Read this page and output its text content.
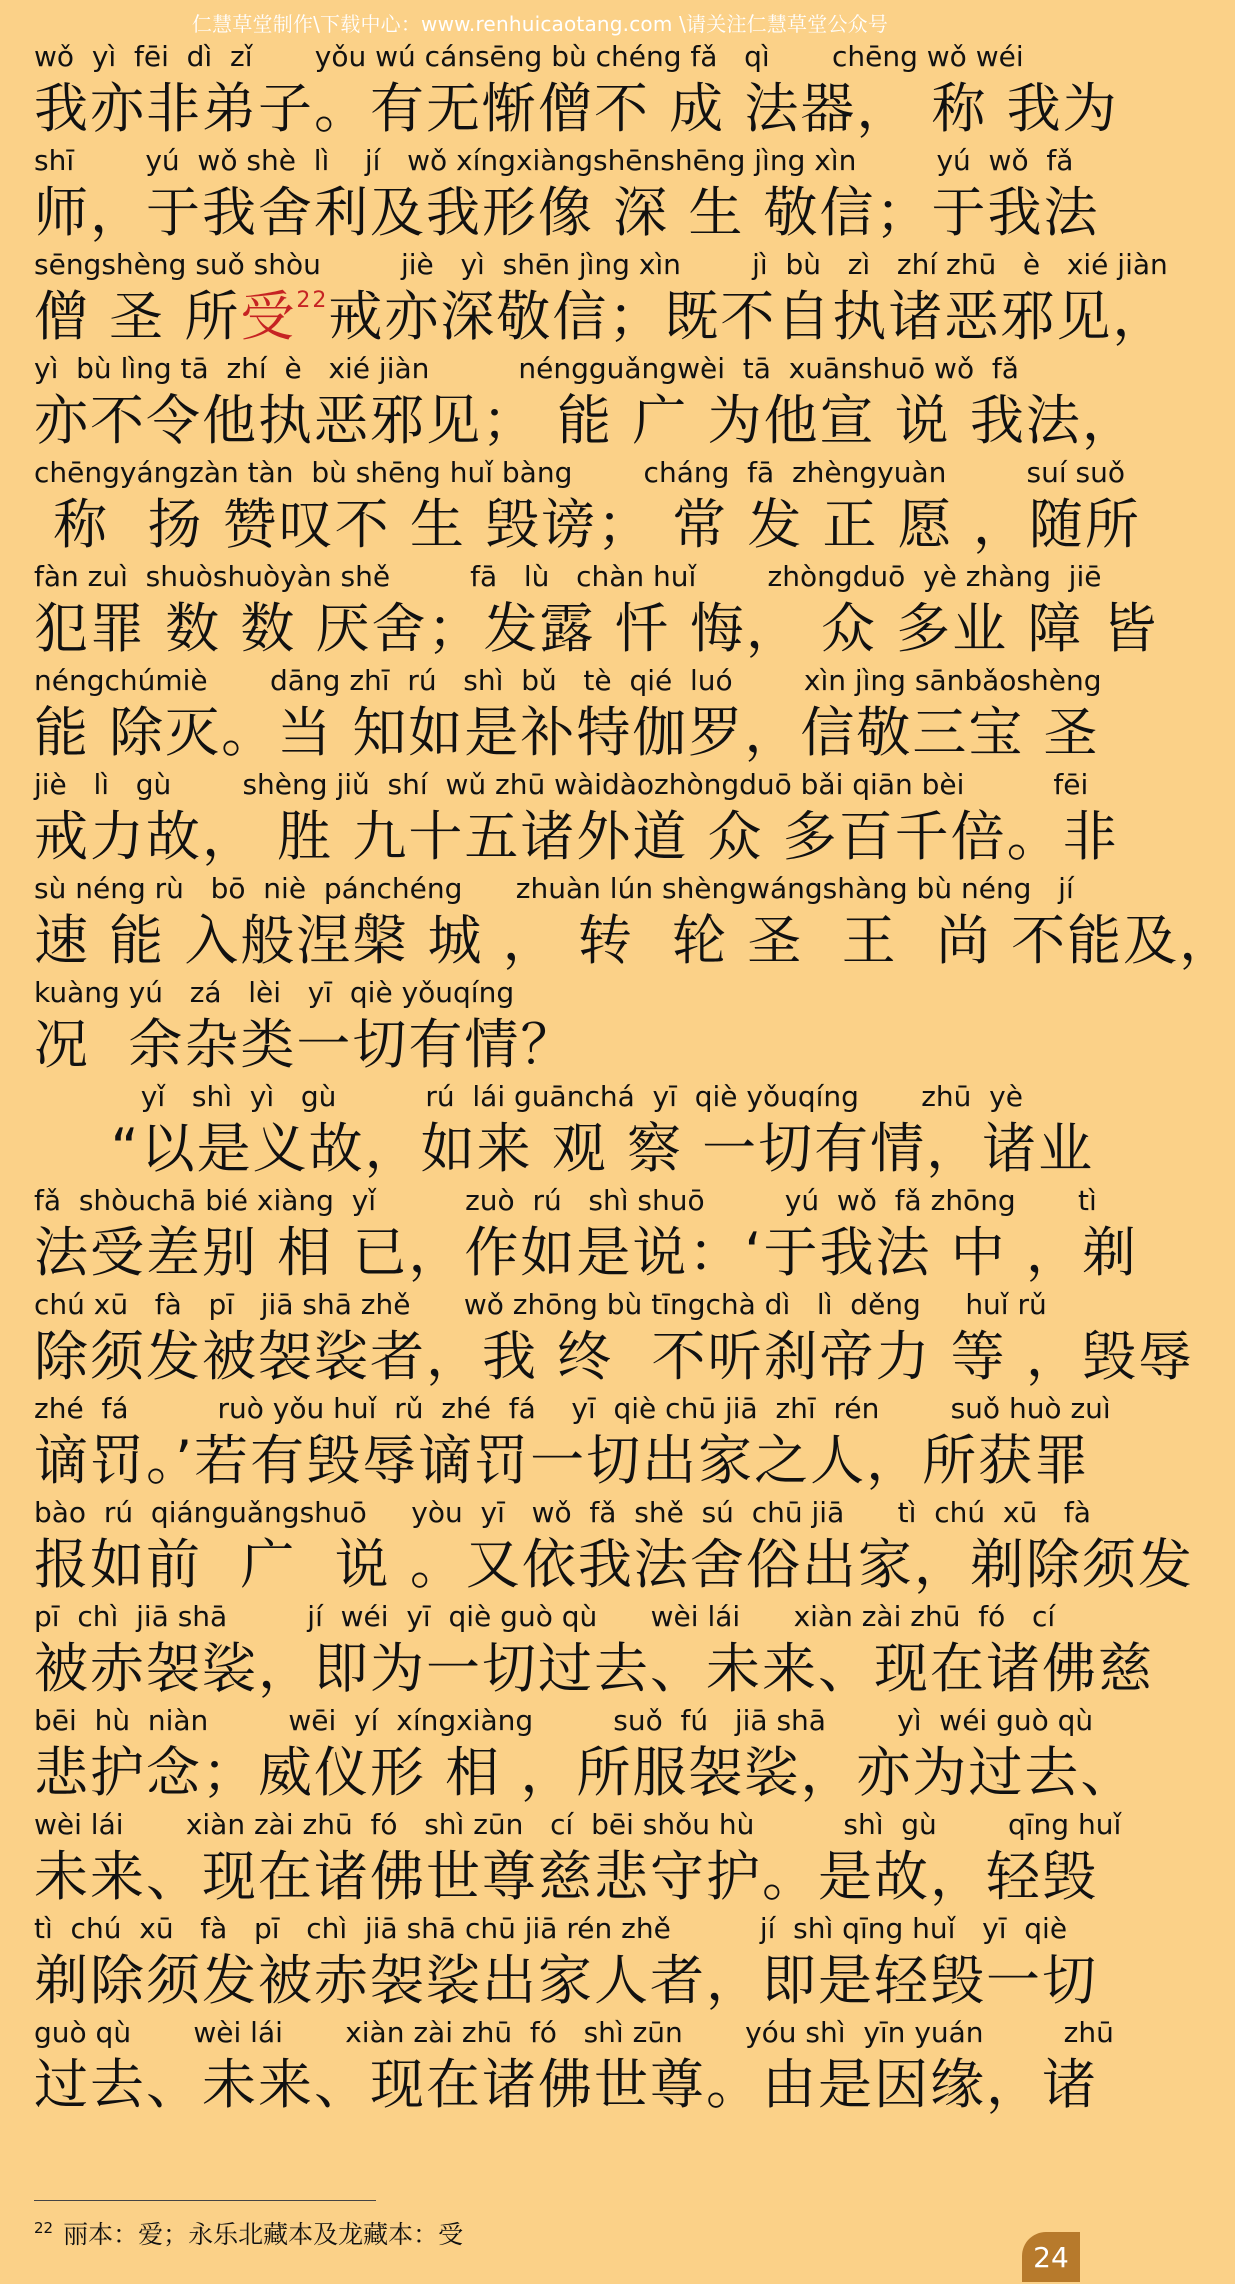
仁慧草堂制作\下载中心：www.renhuicaotang.com \请关注仁慧草堂公众号
wǒ  yì  fēi  dì  zǐ       yǒu wú cánsēng bù chéng fǎ   qì       chēng wǒ wéi
我亦非弟子。有无惭僧不 成 法器， 称 我为
shī        yú  wǒ shè  lì    jí   wǒ xíngxiàngshēnshēng jìng xìn         yú  wǒ  fǎ
师，于我舍利及我形像 深 生 敬信；于我法
sēngshèng suǒ shòu         jiè   yì  shēn jìng xìn        jì  bù   zì   zhí zhū   è   xié jiàn
僧 圣 所受$^{22}$戒亦深敬信；既不自执诸恶邪见，
yì  bù lìng tā  zhí  è   xié jiàn          néngguǎngwèi  tā  xuānshuō wǒ  fǎ
亦不令他执恶邪见； 能 广 为他宣 说 我法，
chēngyángzàn tàn  bù shēng huǐ bàng        cháng  fā  zhèngyuàn         suí suǒ
称  扬 赞叹不 生 毁谤； 常 发 正 愿 ，随所
fàn zuì  shuòshuòyàn shě         fā   lù   chàn huǐ        zhòngduō  yè zhàng  jiē
犯罪 数 数 厌舍；发露 忏 悔， 众 多业 障 皆
néngchúmiè       dāng zhī  rú   shì  bǔ   tè  qié  luó        xìn jìng sānbǎoshèng
能 除灭。当 知如是补特伽罗，信敬三宝 圣
jiè   lì   gù        shèng jiǔ  shí  wǔ zhū wàidàozhòngduō bǎi qiān bèi          fēi
戒力故， 胜 九十五诸外道 众 多百千倍。非
sù néng rù   bō  niè  pánchéng      zhuàn lún shèngwángshàng bù néng   jí
速 能 入般涅槃 城 ， 转  轮 圣  王  尚 不能及，
kuàng yú   zá   lèi   yī  qiè yǒuqíng
况  余杂类一切有情？
yǐ   shì  yì   gù          rú  lái guānchá  yī  qiè yǒuqíng       zhū  yè
“以是义故，如来 观 察 一切有情，诸业
fǎ  shòuchā bié xiàng  yǐ          zuò  rú   shì shuō         yú  wǒ  fǎ zhōng       tì
法受差别 相 已，作如是说：‘于我法 中 ，剃
chú xū   fà   pī   jiā shā zhě      wǒ zhōng bù tīngchà dì   lì  děng     huǐ rǔ
除须发被袈裟者，我 终  不听刹帝力 等 ，毁辱
zhé  fá          ruò yǒu huǐ  rǔ  zhé  fá    yī  qiè chū jiā  zhī  rén        suǒ huò zuì
谪罚。’若有毁辱谪罚一切出家之人，所获罪
bào  rú  qiánguǎngshuō     yòu  yī   wǒ  fǎ  shě  sú  chū jiā      tì  chú  xū   fà
报如前  广  说 。又依我法舍俗出家，剃除须发
pī  chì  jiā shā         jí  wéi  yī  qiè guò qù      wèi lái      xiàn zài zhū  fó   cí
被赤袈裟，即为一切过去、未来、现在诸佛慈
bēi  hù  niàn         wēi  yí  xíngxiàng         suǒ  fú   jiā shā        yì  wéi guò qù
悲护念；威仪形 相 ，所服袈裟，亦为过去、
wèi lái       xiàn zài zhū  fó   shì zūn   cí  bēi shǒu hù          shì  gù        qīng huǐ
未来、现在诸佛世尊慈悲守护。是故，轻毁
tì  chú  xū   fà   pī   chì  jiā shā chū jiā rén zhě          jí  shì qīng huǐ   yī  qiè
剃除须发被赤袈裟出家人者，即是轻毁一切
guò qù       wèi lái       xiàn zài zhū  fó   shì zūn       yóu shì  yīn yuán         zhū
过去、未来、现在诸佛世尊。由是因缘，诸
$^{22}$ 丽本：爱；永乐北藏本及龙藏本：受
24
